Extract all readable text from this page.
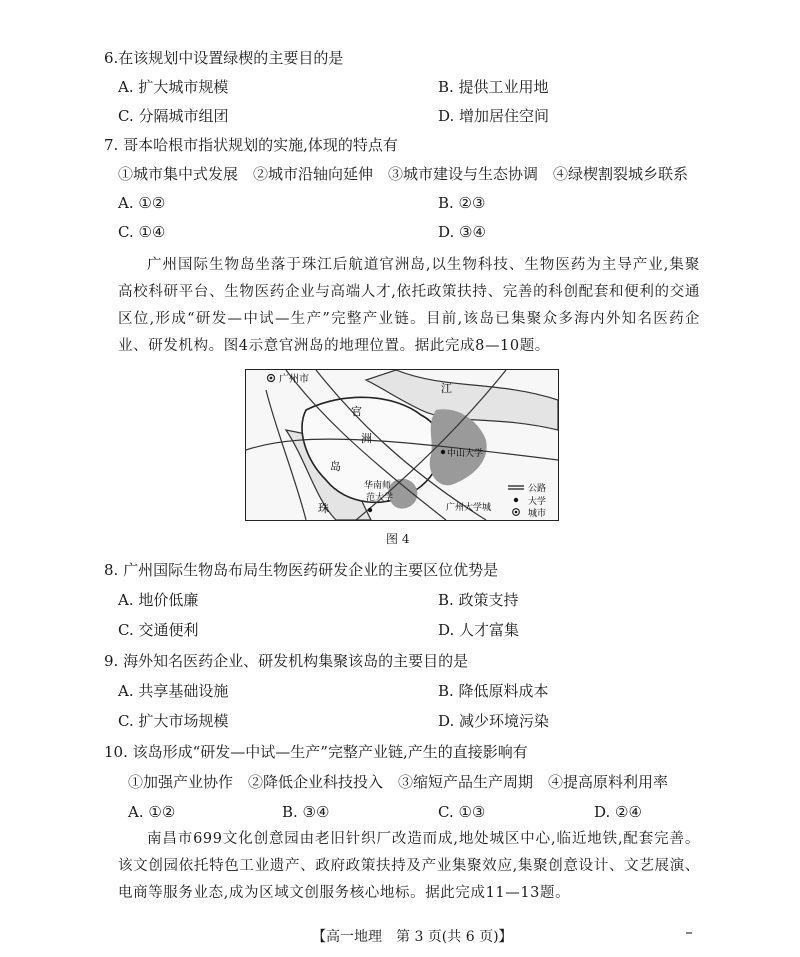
6.在该规划中设置绿楔的主要目的是
A. 扩大城市规模	B. 提供工业用地
C. 分隔城市组团	D. 增加居住空间
7. 哥本哈根市指状规划的实施,体现的特点有
①城市集中式发展　②城市沿轴向延伸　③城市建设与生态协调　④绿楔割裂城乡联系
A. ①②	B. ②③
C. ①④	D. ③④
广州国际生物岛坐落于珠江后航道官洲岛,以生物科技、生物医药为主导产业,集聚高校科研平台、生物医药企业与高端人才,依托政策扶持、完善的科创配套和便利的交通区位,形成“研发—中试—生产”完整产业链。目前,该岛已集聚众多海内外知名医药企业、研发机构。图4示意官洲岛的地理位置。据此完成8—10题。
广州市
江
官
洲
岛
中山大学
华南师
范大学
珠	广州大学城
公路
大学
城市
图 4
8. 广州国际生物岛布局生物医药研发企业的主要区位优势是
A. 地价低廉	B. 政策支持
C. 交通便利	D. 人才富集
9. 海外知名医药企业、研发机构集聚该岛的主要目的是
A. 共享基础设施	B. 降低原料成本
C. 扩大市场规模	D. 减少环境污染
10. 该岛形成“研发—中试—生产”完整产业链,产生的直接影响有
①加强产业协作　②降低企业科技投入　③缩短产品生产周期　④提高原料利用率
A. ①②	B. ③④	C. ①③	D. ②④
南昌市699文化创意园由老旧针织厂改造而成,地处城区中心,临近地铁,配套完善。该文创园依托特色工业遗产、政府政策扶持及产业集聚效应,集聚创意设计、文艺展演、电商等服务业态,成为区域文创服务核心地标。据此完成11—13题。
【高一地理　第 3 页(共 6 页)】
